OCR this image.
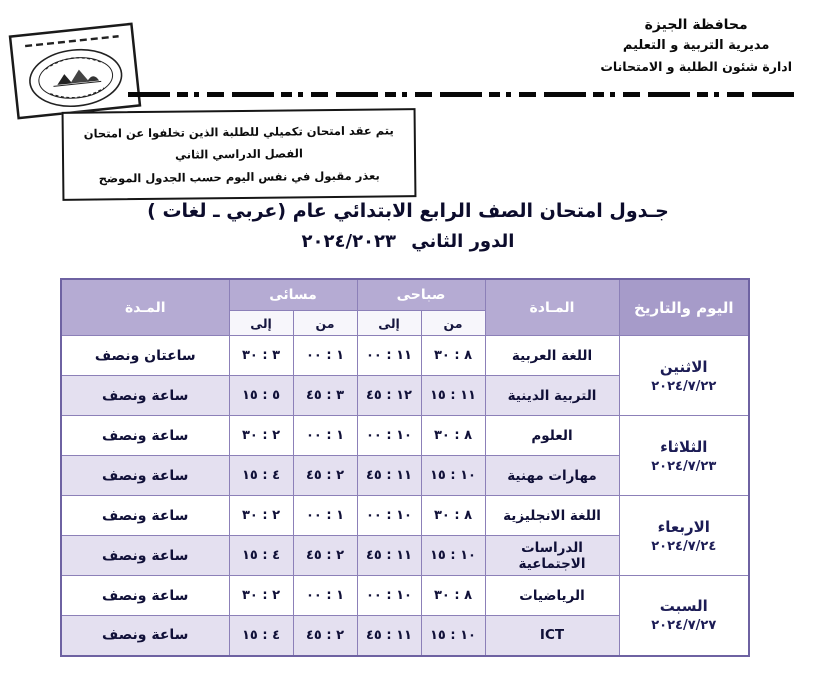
محافظة الجيزة
مديرية التربية و التعليم
ادارة شئون الطلبة و الامتحانات
يتم عقد امتحان تكميلي للطلبة الذين تخلفوا عن امتحان الفصل الدراسي الثاني
بعذر مقبول في نفس اليوم حسب الجدول الموضح
جـدول امتحان الصف الرابع الابتدائي عام (عربي ـ لغات )
الدور الثاني ٢٠٢٤/٢٠٢٣
اليوم والتاريخ	المـادة	صباحى		مسائى		المـدة
		من	إلى	من	إلى	

الاثنين
٢٠٢٤/٧/٢٢	اللغة العربية	٨ : ٣٠	١١ : ٠٠	١ : ٠٠	٣ : ٣٠	ساعتان ونصف
	التربية الدينية	١١ : ١٥	١٢ : ٤٥	٣ : ٤٥	٥ : ١٥	ساعة ونصف

الثلاثاء
٢٠٢٤/٧/٢٣	العلوم	٨ : ٣٠	١٠ : ٠٠	١ : ٠٠	٢ : ٣٠	ساعة ونصف
	مهارات مهنية	١٠ : ١٥	١١ : ٤٥	٢ : ٤٥	٤ : ١٥	ساعة ونصف

الاربعاء
٢٠٢٤/٧/٢٤	اللغة الانجليزية	٨ : ٣٠	١٠ : ٠٠	١ : ٠٠	٢ : ٣٠	ساعة ونصف
	الدراسات الاجتماعية	١٠ : ١٥	١١ : ٤٥	٢ : ٤٥	٤ : ١٥	ساعة ونصف

السبت
٢٠٢٤/٧/٢٧	الرياضيات	٨ : ٣٠	١٠ : ٠٠	١ : ٠٠	٢ : ٣٠	ساعة ونصف
	ICT	١٠ : ١٥	١١ : ٤٥	٢ : ٤٥	٤ : ١٥	ساعة ونصف
